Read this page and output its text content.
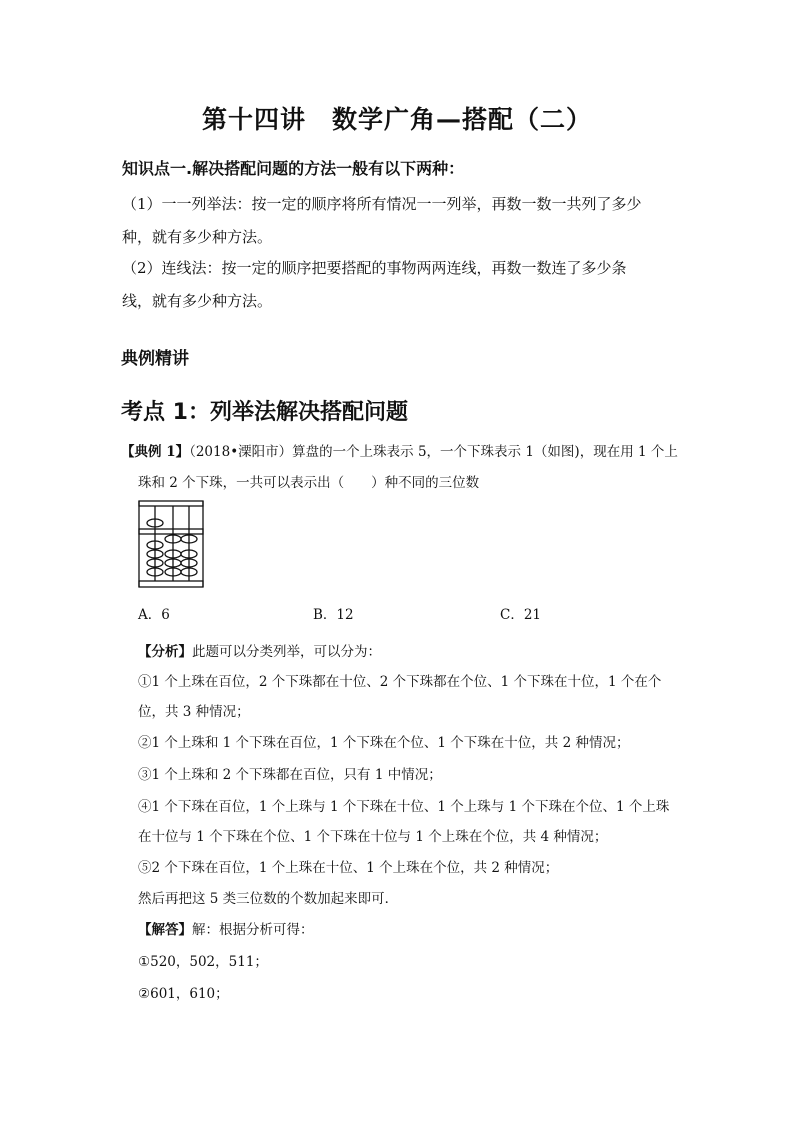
第十四讲　数学广角—搭配（二）
知识点一.解决搭配问题的方法一般有以下两种：
（1）一一列举法：按一定的顺序将所有情况一一列举，再数一数一共列了多少
种，就有多少种方法。
（2）连线法：按一定的顺序把要搭配的事物两两连线，再数一数连了多少条
线，就有多少种方法。
典例精讲
考点 1：列举法解决搭配问题
【典例 1】（2018•溧阳市）算盘的一个上珠表示 5，一个下珠表示 1（如图)，现在用 1 个上
珠和 2 个下珠，一共可以表示出（　　）种不同的三位数
A．6	B．12	C．21
【分析】此题可以分类列举，可以分为：
①1 个上珠在百位，2 个下珠都在十位、2 个下珠都在个位、1 个下珠在十位，1 个在个
位，共 3 种情况；
②1 个上珠和 1 个下珠在百位，1 个下珠在个位、1 个下珠在十位，共 2 种情况；
③1 个上珠和 2 个下珠都在百位，只有 1 中情况；
④1 个下珠在百位，1 个上珠与 1 个下珠在十位、1 个上珠与 1 个下珠在个位、1 个上珠
在十位与 1 个下珠在个位、1 个下珠在十位与 1 个上珠在个位，共 4 种情况；
⑤2 个下珠在百位，1 个上珠在十位、1 个上珠在个位，共 2 种情况；
然后再把这 5 类三位数的个数加起来即可．
【解答】解：根据分析可得：
①520，502，511；
②601，610；
